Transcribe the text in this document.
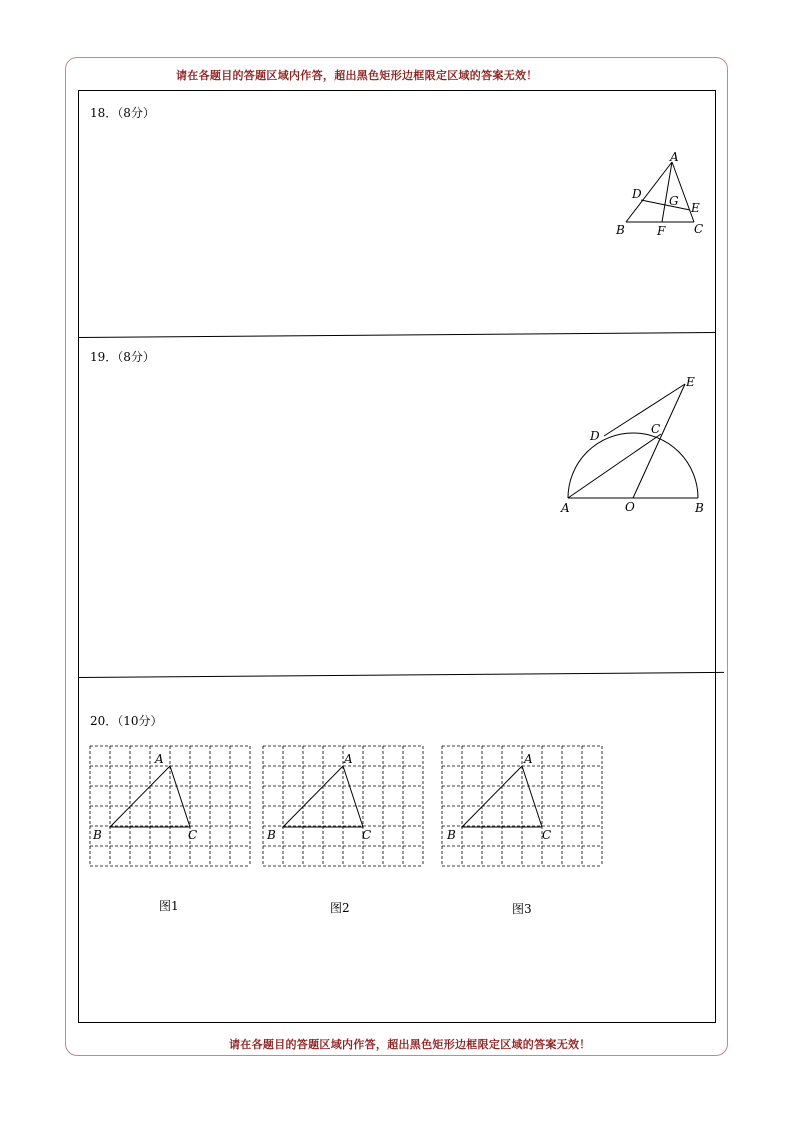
请在各题目的答题区域内作答，超出黑色矩形边框限定区域的答案无效！
18．（8分）
A
B	C
D
E
F
G
19．（8分）
A	B
C
D
E
O
20．（10分）
A
B	C
A
B	C
A
B	C
图1	图2	图3
请在各题目的答题区域内作答，超出黑色矩形边框限定区域的答案无效！
